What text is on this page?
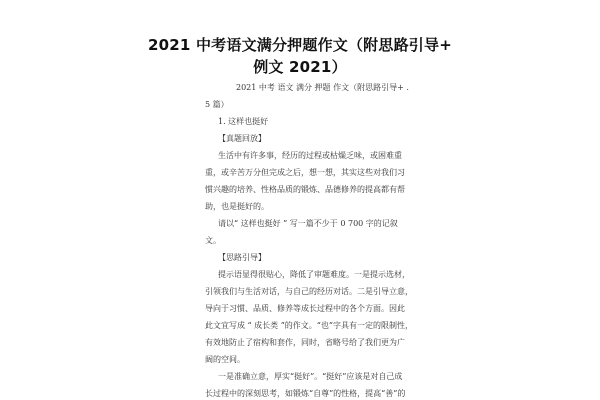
2021 中考语文满分押题作文（附思路引导+
例文 2021）
2021 中考 语文 满分 押题 作文（附思路引导+ .
5 篇）
1. 这样也挺好
【真题回放】
生活中有许多事，经历的过程或枯燥乏味，或困难重
重，或辛苦万分但完成之后，想一想，其实这些对我们习
惯兴趣的培养、性格品质的锻炼、品德修养的提高都有帮
助，也是挺好的。
请以“ 这样也挺好 ” 写一篇不少于 0 700 字的记叙
文。
【思路引导】
提示语显得很贴心，降低了审题难度。一是提示选材，
引领我们与生活对话，与自己的经历对话。二是引导立意，
导向于习惯、品质、修养等成长过程中的各个方面。因此
此文宜写成 “ 成长类 ”的作文。“也”字具有一定的限制性，
有效地防止了宿构和套作，同时，省略号给了我们更为广
阔的空间。
一是准确立意，厚实“挺好”。“挺好”应该是对自己成
长过程中的深刻思考，如锻炼“自尊”的性格，提高“善”的
